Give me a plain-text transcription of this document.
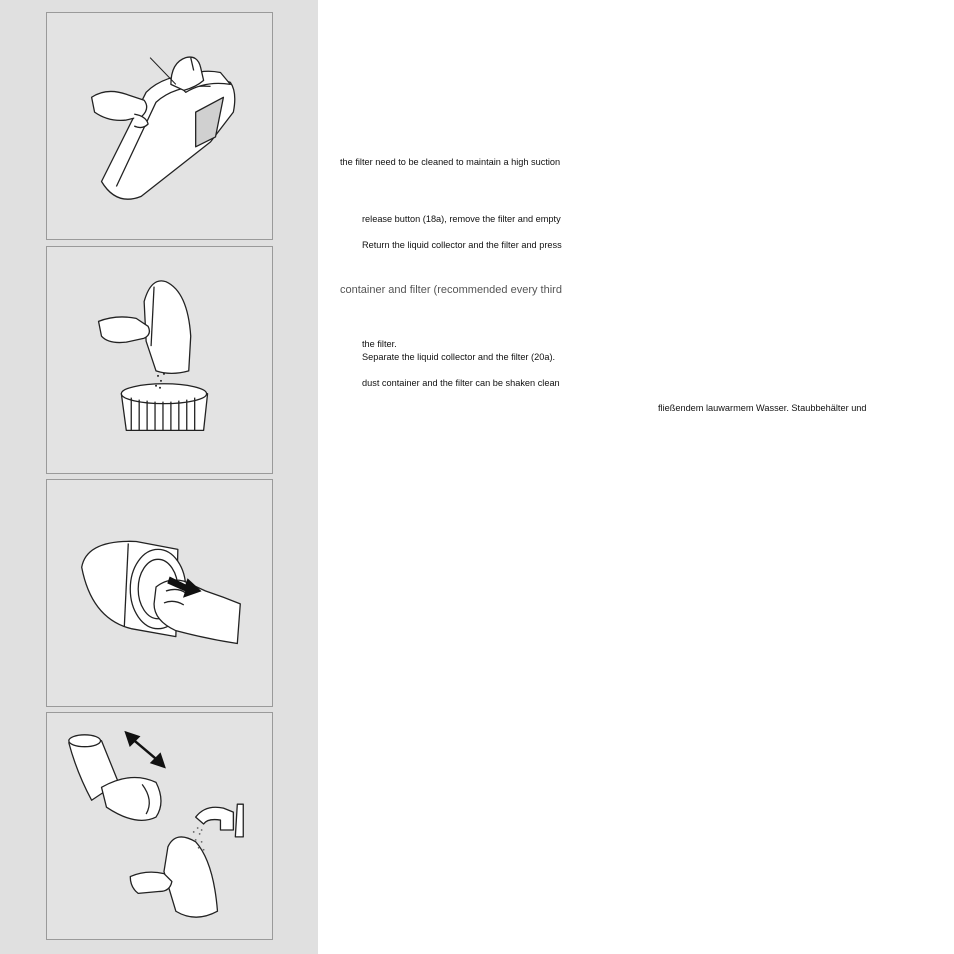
the filter need to be cleaned to maintain a high suction
release button (18a), remove the filter and empty
Return the liquid collector and the filter and press
container and filter (recommended every third
the filter.
Separate the liquid collector and the filter (20a).
dust container and the filter can be shaken clean
fließendem lauwarmem Wasser. Staubbehälter und
